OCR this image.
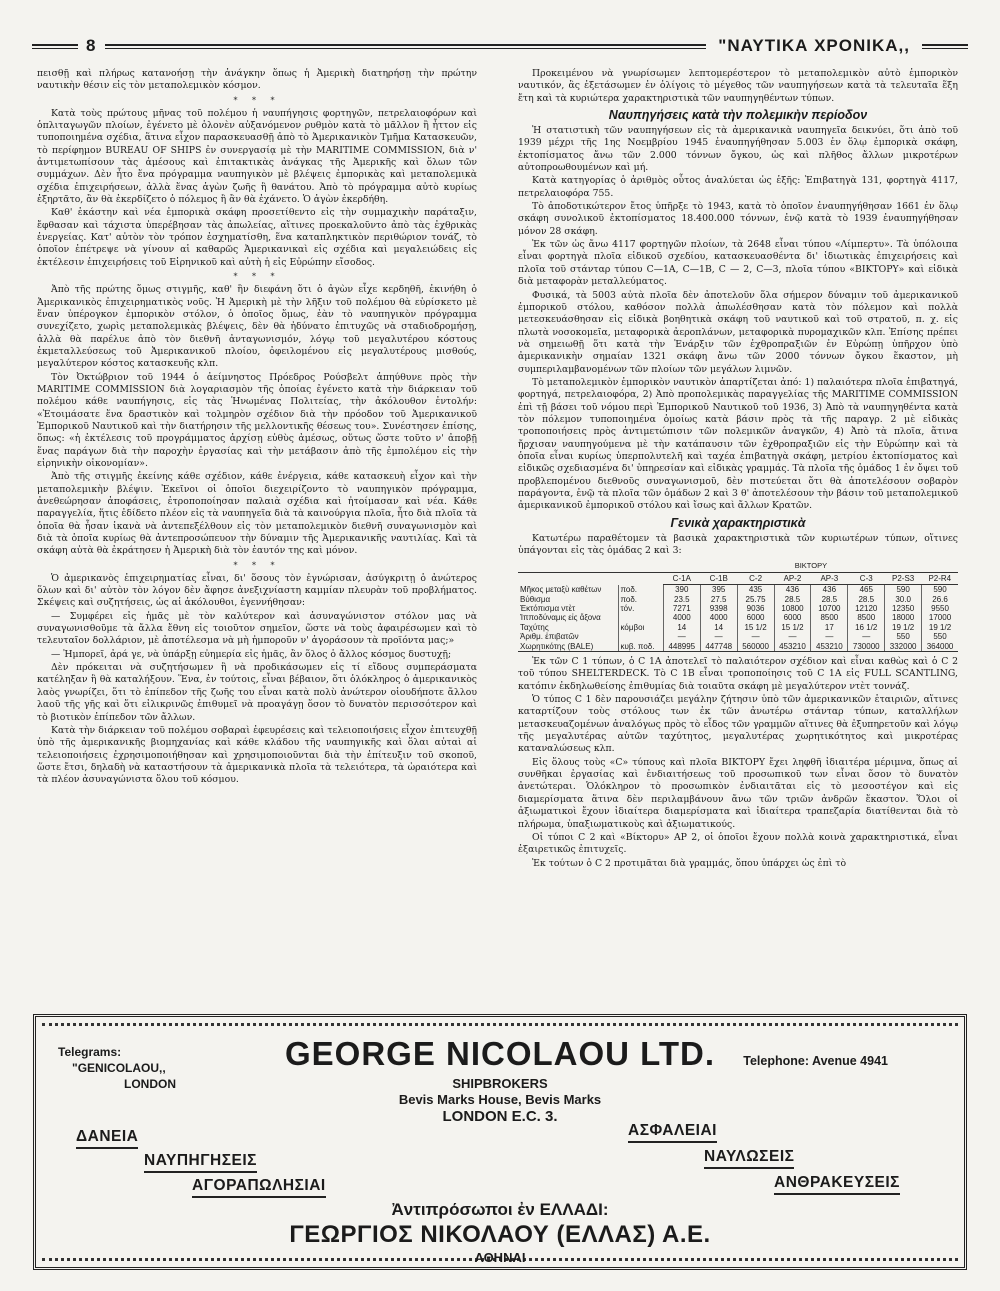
8	"ΝΑΥΤΙΚΑ ΧΡΟΝΙΚΑ,,

πεισθῇ καὶ πλήρως κατανοήσῃ τὴν ἀνάγκην ὅπως ἡ Ἀμερικὴ διατηρήσῃ τὴν πρώτην ναυτικὴν θέσιν εἰς τὸν μεταπολεμικὸν κόσμον.

* * *

Κατὰ τοὺς πρώτους μῆνας τοῦ πολέμου ἡ ναυπήγησις φορτηγῶν, πετρελαιοφόρων καὶ ὁπλιταγωγῶν πλοίων, ἐγένετο μὲ ὁλονὲν αὐξανόμενον ρυθμὸν κατὰ τὸ μᾶλλον ἢ ἧττον εἰς τυποποιημένα σχέδια, ἅτινα εἶχον παρασκευασθῇ ἀπὸ τὸ Ἀμερικανικὸν Τμῆμα Κατασκευῶν, τὸ περίφημον BUREAU OF SHIPS ἐν συνεργασίᾳ μὲ τὴν MARITIME COMMISSION, διὰ ν' ἀντιμετωπίσουν τὰς ἀμέσους καὶ ἐπιτακτικὰς ἀνάγκας τῆς Ἀμερικῆς καὶ ὅλων τῶν συμμάχων. Δὲν ἦτο ἕνα πρόγραμμα ναυπηγικὸν μὲ βλέψεις ἐμπορικὰς καὶ μεταπολεμικὰ σχέδια ἐπιχειρήσεων, ἀλλὰ ἕνας ἀγὼν ζωῆς ἢ θανάτου. Ἀπὸ τὸ πρόγραμμα αὐτὸ κυρίως ἐξηρτᾶτο, ἂν θὰ ἐκερδίζετο ὁ πόλεμος ἢ ἂν θὰ ἐχάνετο. Ὁ ἀγὼν ἐκερδήθη.

Καθ' ἑκάστην καὶ νέα ἐμπορικὰ σκάφη προσετίθεντο εἰς τὴν συμμαχικὴν παράταξιν, ἔφθασαν καὶ τάχιστα ὑπερέβησαν τὰς ἀπωλείας, αἵτινες προεκαλοῦντο ἀπὸ τὰς ἐχθρικὰς ἐνεργείας. Κατ' αὐτὸν τὸν τρόπον ἐσχηματίσθη, ἕνα καταπληκτικὸν περιθώριον τονάζ, τὸ ὁποῖον ἐπέτρεψε νὰ γίνουν αἱ καθαρῶς Ἀμερικανικαὶ εἰς σχέδια καὶ μεγαλειώδεις εἰς ἐκτέλεσιν ἐπιχειρήσεις τοῦ Εἰρηνικοῦ καὶ αὐτὴ ἡ εἰς Εὐρώπην εἴσοδος.

* * *

Ἀπὸ τῆς πρώτης ὅμως στιγμῆς, καθ' ἣν διεφάνη ὅτι ὁ ἀγὼν εἶχε κερδηθῆ, ἐκινήθη ὁ Ἀμερικανικὸς ἐπιχειρηματικὸς νοῦς. Ἡ Ἀμερικὴ μὲ τὴν λῆξιν τοῦ πολέμου θὰ εὑρίσκετο μὲ ἕναν ὑπέρογκον ἐμπορικὸν στόλον, ὁ ὁποῖος ὅμως, ἐὰν τὸ ναυπηγικὸν πρόγραμμα συνεχίζετο, χωρὶς μεταπολεμικὰς βλέψεις, δὲν θὰ ἠδύνατο ἐπιτυχῶς νὰ σταδιοδρομήσῃ, ἀλλὰ θὰ παρέλυε ἀπὸ τὸν διεθνῆ ἀνταγωνισμόν, λόγῳ τοῦ μεγαλυτέρου κόστους ἐκμεταλλεύσεως τοῦ Ἀμερικανικοῦ πλοίου, ὀφειλομένου εἰς μεγαλυτέρους μισθούς, μεγαλύτερον κόστος κατασκευῆς κλπ.

Τὸν Ὀκτώβριον τοῦ 1944 ὁ ἀείμνηστος Πρόεδρος Ρούσβελτ ἀπηύθυνε πρὸς τὴν MARITIME COMMISSION διὰ λογαριασμὸν τῆς ὁποίας ἐγένετο κατὰ τὴν διάρκειαν τοῦ πολέμου κάθε ναυπήγησις, εἰς τὰς Ἡνωμένας Πολιτείας, τὴν ἀκόλουθον ἐντολήν: «Ἑτοιμάσατε ἕνα δραστικὸν καὶ τολμηρὸν σχέδιον διὰ τὴν πρόοδον τοῦ Ἀμερικανικοῦ Ἐμπορικοῦ Ναυτικοῦ καὶ τὴν διατήρησιν τῆς μελλοντικῆς θέσεως του». Συνέστησεν ἐπίσης, ὅπως: «ἡ ἐκτέλεσις τοῦ προγράμματος ἀρχίσῃ εὐθὺς ἀμέσως, οὕτως ὥστε τοῦτο ν' ἀποβῇ ἕνας παράγων διὰ τὴν παροχὴν ἐργασίας καὶ τὴν μετάβασιν ἀπὸ τῆς ἐμπολέμου εἰς τὴν εἰρηνικὴν οἰκονομίαν».

Ἀπὸ τῆς στιγμῆς ἐκείνης κάθε σχέδιον, κάθε ἐνέργεια, κάθε κατασκευὴ εἶχον καὶ τὴν μεταπολεμικὴν βλέψιν. Ἐκεῖνοι οἱ ὁποῖοι διεχειρίζοντο τὸ ναυπηγικὸν πρόγραμμα, ἀνεθεώρησαν ἀποφάσεις, ἐτροποποίησαν παλαιὰ σχέδια καὶ ἠτοίμασαν καὶ νέα. Κάθε παραγγελία, ἥτις ἐδίδετο πλέον εἰς τὰ ναυπηγεῖα διὰ τὰ καινούργια πλοῖα, ἦτο διὰ πλοῖα τὰ ὁποῖα θὰ ἦσαν ἱκανὰ νὰ ἀντεπεξέλθουν εἰς τὸν μεταπολεμικὸν διεθνῆ συναγωνισμὸν καὶ διὰ τὰ ὁποῖα κυρίως θὰ ἀντεπροσώπευον τὴν δύναμιν τῆς Ἀμερικανικῆς ναυτιλίας. Καὶ τὰ σκάφη αὐτὰ θὰ ἐκράτησεν ἡ Ἀμερικὴ διὰ τὸν ἑαυτόν της καὶ μόνον.

* * *

Ὁ ἀμερικανὸς ἐπιχειρηματίας εἶναι, δι' ὅσους τὸν ἐγνώρισαν, ἀσύγκριτῃ ὁ ἀνώτερος ὅλων καὶ δι' αὐτὸν τὸν λόγον δὲν ἄφησε ἀνεξιχνίαστη καμμίαν πλευρὰν τοῦ προβλήματος. Σκέψεις καὶ συζητήσεις, ὡς αἱ ἀκόλουθοι, ἐγεννήθησαν:

— Συμφέρει εἰς ἡμᾶς μὲ τὸν καλύτερον καὶ ἀσυναγώνιστον στόλον μας νὰ συναγωνισθοῦμε τὰ ἄλλα ἔθνη εἰς τοιοῦτον σημεῖον, ὥστε νὰ τοὺς ἀφαιρέσωμεν καὶ τὸ τελευταῖον δολλάριον, μὲ ἀποτέλεσμα νὰ μὴ ἠμποροῦν ν' ἀγοράσουν τὰ προϊόντα μας;»

— Ἠμπορεῖ, ἀρά γε, νὰ ὑπάρξῃ εὐημερία εἰς ἡμᾶς, ἂν ὅλος ὁ ἄλλος κόσμος δυστυχῇ;

Δὲν πρόκειται νὰ συζητήσωμεν ἢ νὰ προδικάσωμεν εἰς τί εἴδους συμπεράσματα κατέληξαν ἢ θὰ καταλήξουν. Ἕνα, ἐν τούτοις, εἶναι βέβαιον, ὅτι ὁλόκληρος ὁ ἀμερικανικὸς λαὸς γνωρίζει, ὅτι τὸ ἐπίπεδον τῆς ζωῆς του εἶναι κατὰ πολὺ ἀνώτερον οἱουδήποτε ἄλλου λαοῦ τῆς γῆς καὶ ὅτι εἰλικρινῶς ἐπιθυμεῖ νὰ προαγάγῃ ὅσον τὸ δυνατὸν περισσότερον καὶ τὸ βιοτικὸν ἐπίπεδον τῶν ἄλλων.

Κατὰ τὴν διάρκειαν τοῦ πολέμου σοβαραὶ ἐφευρέσεις καὶ τελειοποιήσεις εἶχον ἐπιτευχθῇ ὑπὸ τῆς ἀμερικανικῆς βιομηχανίας καὶ κάθε κλάδου τῆς ναυπηγικῆς καὶ ὅλαι αὐταὶ αἱ τελειοποιήσεις ἐχρησιμοποιήθησαν καὶ χρησιμοποιοῦνται διὰ τὴν ἐπίτευξιν τοῦ σκοποῦ, ὥστε ἔτσι, δηλαδὴ νὰ καταστήσουν τὰ ἀμερικανικὰ πλοῖα τὰ τελειότερα, τὰ ὡραιότερα καὶ τὰ πλέον ἀσυναγώνιστα ὅλου τοῦ κόσμου.

Προκειμένου νὰ γνωρίσωμεν λεπτομερέστερον τὸ μεταπολεμικὸν αὐτὸ ἐμπορικὸν ναυτικόν, ἂς ἐξετάσωμεν ἐν ὀλίγοις τὸ μέγεθος τῶν ναυπηγήσεων κατὰ τὰ τελευταῖα ἕξη ἔτη καὶ τὰ κυριώτερα χαρακτηριστικὰ τῶν ναυπηγηθέντων τύπων.

Ναυπηγήσεις κατὰ τὴν πολεμικὴν περίοδον

Ἡ στατιστικὴ τῶν ναυπηγήσεων εἰς τὰ ἀμερικανικὰ ναυπηγεῖα δεικνύει, ὅτι ἀπὸ τοῦ 1939 μέχρι τῆς 1ης Νοεμβρίου 1945 ἐναυπηγήθησαν 5.003 ἐν ὅλῳ ἐμπορικὰ σκάφη, ἐκτοπίσματος ἄνω τῶν 2.000 τόννων ὄγκου, ὡς καὶ πλῆθος ἄλλων μικροτέρων αὐτοπροωθουμένων καὶ μή.

Κατὰ κατηγορίας ὁ ἀριθμὸς οὗτος ἀναλύεται ὡς ἑξῆς: Ἐπιβατηγὰ 131, φορτηγὰ 4117, πετρελαιοφόρα 755.

Τὸ ἀποδοτικώτερον ἔτος ὑπῆρξε τὸ 1943, κατὰ τὸ ὁποῖον ἐναυπηγήθησαν 1661 ἐν ὅλῳ σκάφη συνολικοῦ ἐκτοπίσματος 18.400.000 τόννων, ἐνῷ κατὰ τὸ 1939 ἐναυπηγήθησαν μόνον 28 σκάφη.

Ἐκ τῶν ὡς ἄνω 4117 φορτηγῶν πλοίων, τὰ 2648 εἶναι τύπου «Λίμπερτυ». Τὰ ὑπόλοιπα εἶναι φορτηγὰ πλοῖα εἰδικοῦ σχεδίου, κατασκευασθέντα δι' ἰδιωτικὰς ἐπιχειρήσεις καὶ πλοῖα τοῦ στάνταρ τύπου C—1A, C—1B, C — 2, C—3, πλοῖα τύπου «ΒΙΚΤΟΡΥ» καὶ εἰδικὰ διὰ μεταφορὰν μεταλλεύματος.

Φυσικά, τὰ 5003 αὐτὰ πλοῖα δὲν ἀποτελοῦν ὅλα σήμερον δύναμιν τοῦ ἀμερικανικοῦ ἐμπορικοῦ στόλου, καθόσον πολλὰ ἀπωλέσθησαν κατὰ τὸν πόλεμον καὶ πολλὰ μετεσκευάσθησαν εἰς εἰδικὰ βοηθητικὰ σκάφη τοῦ ναυτικοῦ καὶ τοῦ στρατοῦ, π. χ. εἰς πλωτὰ νοσοκομεῖα, μεταφορικὰ ἀεροπλάνων, μεταφορικὰ πυρομαχικῶν κλπ. Ἐπίσης πρέπει νὰ σημειωθῇ ὅτι κατὰ τὴν Ἐνάρξιν τῶν ἐχθροπραξιῶν ἐν Εὐρώπῃ ὑπῆρχον ὑπὸ ἀμερικανικὴν σημαίαν 1321 σκάφη ἄνω τῶν 2000 τόννων ὄγκου ἕκαστον, μὴ συμπεριλαμβανομένων τῶν πλοίων τῶν μεγάλων λιμνῶν.

Τὸ μεταπολεμικὸν ἐμπορικὸν ναυτικὸν ἀπαρτίζεται ἀπό: 1) παλαιότερα πλοῖα ἐπιβατηγά, φορτηγά, πετρελαιοφόρα, 2) Ἀπὸ προπολεμικὰς παραγγελίας τῆς MARITIME COMMISSION ἐπὶ τῇ βάσει τοῦ νόμου περὶ Ἐμπορικοῦ Ναυτικοῦ τοῦ 1936, 3) Ἀπὸ τὰ ναυπηγηθέντα κατὰ τὸν πόλεμον τυποποιημένα ὁμοίως κατὰ βάσιν πρὸς τὰ τῆς παραγρ. 2 μὲ εἰδικὰς τροποποιήσεις πρὸς ἀντιμετώπισιν τῶν πολεμικῶν ἀναγκῶν, 4) Ἀπὸ τὰ πλοῖα, ἅτινα ἤρχισαν ναυπηγούμενα μὲ τὴν κατάπαυσιν τῶν ἐχθροπραξιῶν εἰς τὴν Εὐρώπην καὶ τὰ ὁποῖα εἶναι κυρίως ὑπερπολυτελῆ καὶ ταχέα ἐπιβατηγὰ σκάφη, μετρίου ἐκτοπίσματος καὶ εἰδικῶς σχεδιασμένα δι' ὑπηρεσίαν καὶ εἰδικὰς γραμμάς. Τὰ πλοῖα τῆς ὁμάδος 1 ἐν ὄψει τοῦ προβλεπομένου διεθνοῦς συναγωνισμοῦ, δὲν πιστεύεται ὅτι θὰ ἀποτελέσουν σοβαρὸν παράγοντα, ἐνῷ τὰ πλοῖα τῶν ὁμάδων 2 καὶ 3 θ' ἀποτελέσουν τὴν βάσιν τοῦ μεταπολεμικοῦ ἀμερικανικοῦ ἐμπορικοῦ στόλου καὶ ἴσως καὶ ἄλλων Κρατῶν.

Γενικὰ χαρακτηριστικὰ

Κατωτέρω παραθέτομεν τὰ βασικὰ χαρακτηριστικὰ τῶν κυριωτέρων τύπων, οἵτινες ὑπάγονται εἰς τὰς ὁμάδας 2 καὶ 3:

					ΒΙΚΤΟΡΥ				
		C-1A	C-1B	C-2	AP-2	AP-3	C-3	P2-S3	P2-R4
Μῆκος μεταξὺ καθέτων	ποδ.	390	395	435	436	436	465	590	590
Βύθισμα	ποδ.	23.5	27.5	25.75	28.5	28.5	28.5	30.0	26.6
Ἐκτόπισμα ντὲτ	τόν.	7271	9398	9036	10800	10700	12120	12350	9550
Ἱπποδύναμις εἰς ἄξονα		4000	4000	6000	6000	8500	8500	18000	17000
Ταχύτης	κόμβοι	14	14	15 1/2	15 1/2	17	16 1/2	19 1/2	19 1/2
Ἀριθμ. ἐπιβατῶν		—	—	—	—	—	—	550	550
Χωρητικότης (BALE)	κυβ. ποδ.	448995	447748	560000	453210	453210	730000	332000	364000

Ἐκ τῶν C 1 τύπων, ὁ C 1A ἀποτελεῖ τὸ παλαιότερον σχέδιον καὶ εἶναι καθὼς καὶ ὁ C 2 τοῦ τύπου SHELTERDECK. Τὸ C 1B εἶναι τροποποίησις τοῦ C 1A εἰς FULL SCANTLING, κατόπιν ἐκδηλωθείσης ἐπιθυμίας διὰ τοιαῦτα σκάφη μὲ μεγαλύτερον ντὲτ τοννάζ.

Ὁ τύπος C 1 δὲν παρουσιάζει μεγάλην ζήτησιν ὑπὸ τῶν ἀμερικανικῶν ἑταιριῶν, αἵτινες καταρτίζουν τοὺς στόλους των ἐκ τῶν ἀνωτέρω στάνταρ τύπων, καταλλήλων μετασκευαζομένων ἀναλόγως πρὸς τὸ εἶδος τῶν γραμμῶν αἵτινες θὰ ἐξυπηρετοῦν καὶ λόγῳ τῆς μεγαλυτέρας αὐτῶν ταχύτητος, μεγαλυτέρας χωρητικότητος καὶ μικροτέρας καταναλώσεως κλπ.

Εἰς ὅλους τοὺς «C» τύπους καὶ πλοῖα ΒΙΚΤΟΡΥ ἔχει ληφθῆ ἰδιαιτέρα μέριμνα, ὅπως αἱ συνθῆκαι ἐργασίας καὶ ἐνδιαιτήσεως τοῦ προσωπικοῦ των εἶναι ὅσον τὸ δυνατὸν ἀνετώτεραι. Ὁλόκληρον τὸ προσωπικὸν ἐνδιαιτᾶται εἰς τὸ μεσοστέγον καὶ εἰς διαμερίσματα ἅτινα δὲν περιλαμβάνουν ἄνω τῶν τριῶν ἀνδρῶν ἕκαστον. Ὅλοι οἱ ἀξιωματικοὶ ἔχουν ἰδιαίτερα διαμερίσματα καὶ ἰδιαίτερα τραπεζαρία διατίθενται διὰ τὸ πλήρωμα, ὑπαξιωματικοὺς καὶ ἀξιωματικούς.

Οἱ τύποι C 2 καὶ «Βίκτορυ» AP 2, οἱ ὁποῖοι ἔχουν πολλὰ κοινὰ χαρακτηριστικά, εἶναι ἐξαιρετικῶς ἐπιτυχεῖς.

Ἐκ τούτων ὁ C 2 προτιμᾶται διὰ γραμμάς, ὅπου ὑπάρχει ὡς ἐπὶ τὸ

Telegrams:
"GENICOLAOU,,
LONDON
GEORGE NICOLAOU LTD.	Telephone: Avenue 4941
SHIPBROKERS
Bevis Marks House, Bevis Marks
LONDON E.C. 3.
ΔΑΝΕΙΑ
ΝΑΥΠΗΓΗΣΕΙΣ
ΑΓΟΡΑΠΩΛΗΣΙΑΙ
ΑΣΦΑΛΕΙΑΙ
ΝΑΥΛΩΣΕΙΣ
ΑΝΘΡΑΚΕΥΣΕΙΣ
Ἀντιπρόσωποι ἐν ΕΛΛΑΔΙ:
ΓΕΩΡΓΙΟΣ ΝΙΚΟΛΑΟΥ (ΕΛΛΑΣ) Α.Ε.
ΑΘΗΝΑΙ
